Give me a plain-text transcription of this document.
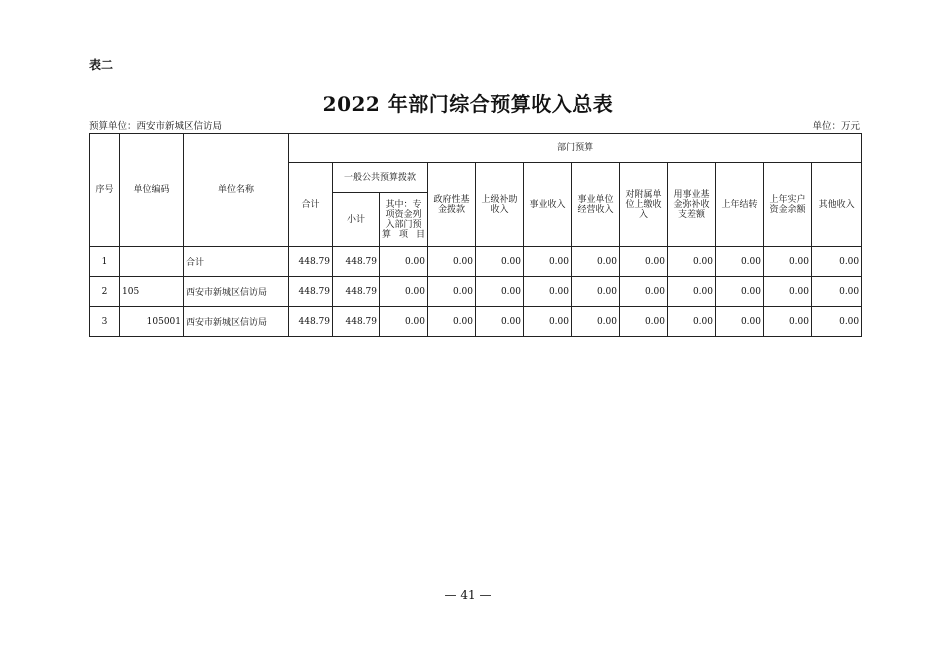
表二
2022 年部门综合预算收入总表
预算单位：西安市新城区信访局	单位：万元
序号	单位编码	单位名称	部门预算											
			合计	一般公共预算拨款		政府性基金拨款	上级补助收入	事业收入	事业单位经营收入	对附属单位上缴收入	用事业基金弥补收支差额	上年结转	上年实户资金余额	其他收入
				小计	其中：专项资金列入部门预算项目									
1		合计	448.79	448.79	0.00	0.00	0.00	0.00	0.00	0.00	0.00	0.00	0.00	0.00
2	105	西安市新城区信访局	448.79	448.79	0.00	0.00	0.00	0.00	0.00	0.00	0.00	0.00	0.00	0.00
3	105001	西安市新城区信访局	448.79	448.79	0.00	0.00	0.00	0.00	0.00	0.00	0.00	0.00	0.00	0.00
— 41 —
